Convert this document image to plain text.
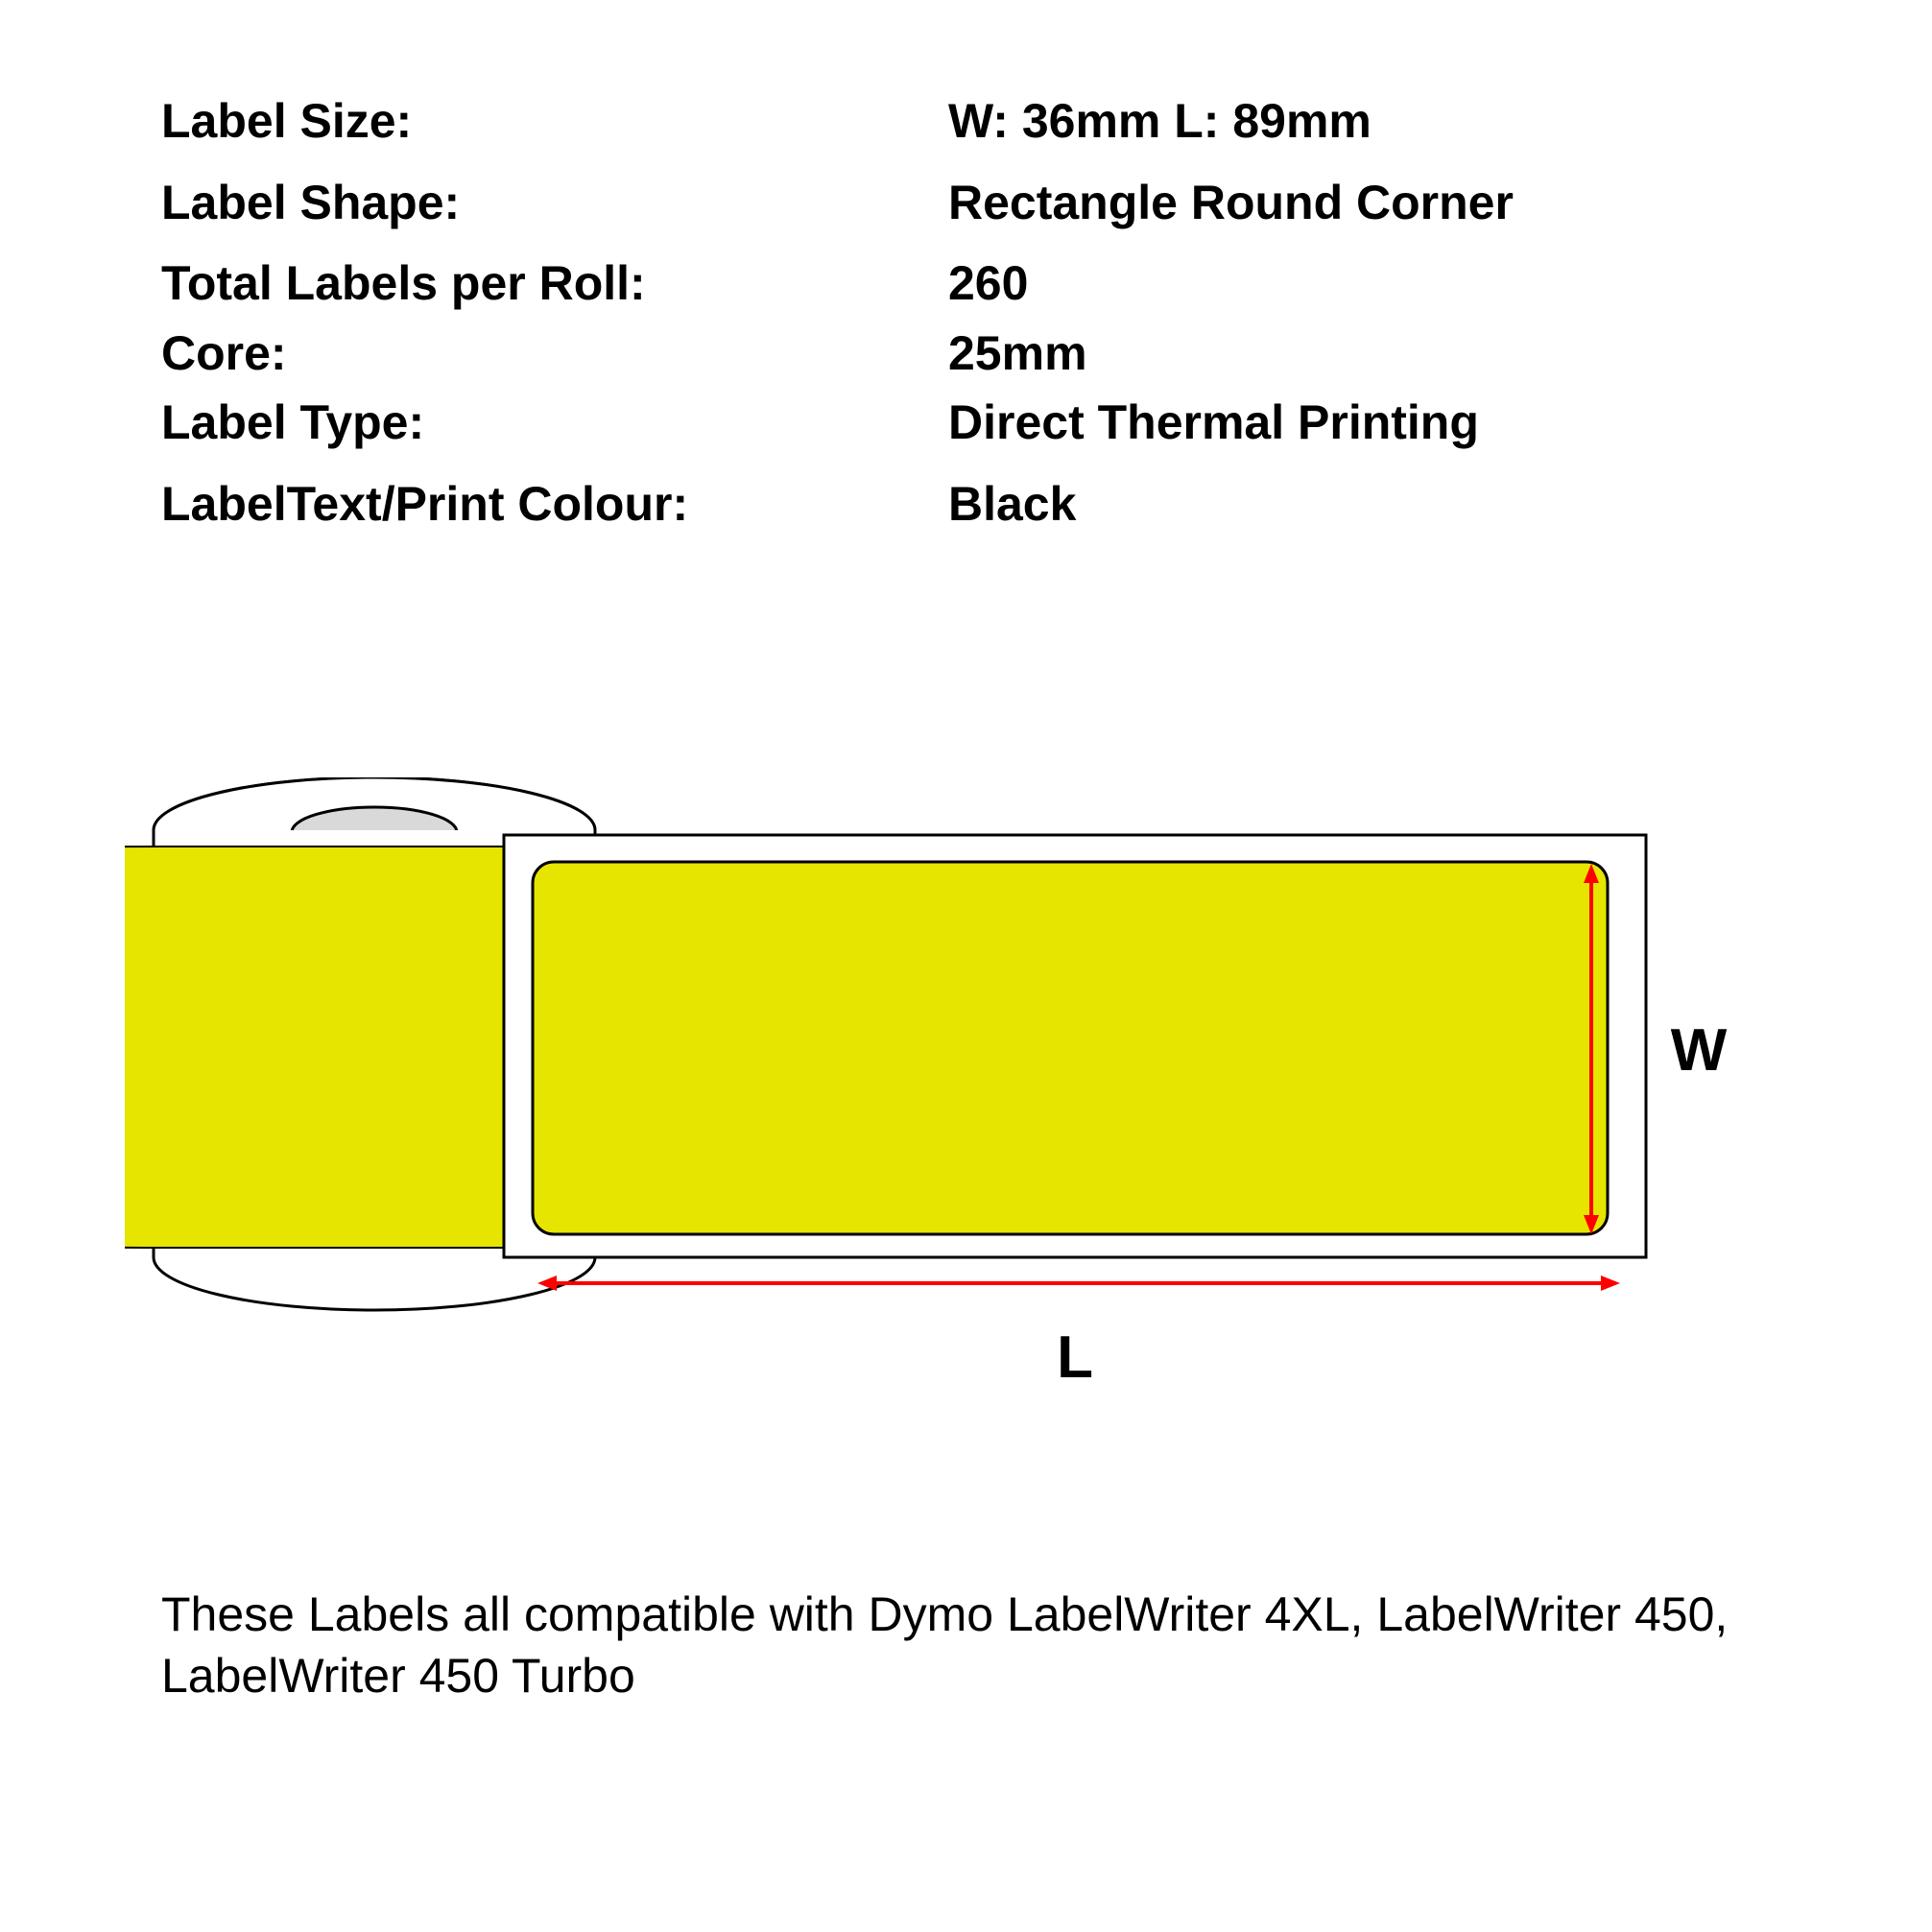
Label Size:	W: 36mm L: 89mm
Label Shape:	Rectangle Round Corner
Total Labels per Roll:	260
Core:	25mm
Label Type:	Direct Thermal Printing
LabelText/Print Colour:	Black
W
L
These Labels all compatible with Dymo LabelWriter 4XL, LabelWriter 450, LabelWriter 450 Turbo
